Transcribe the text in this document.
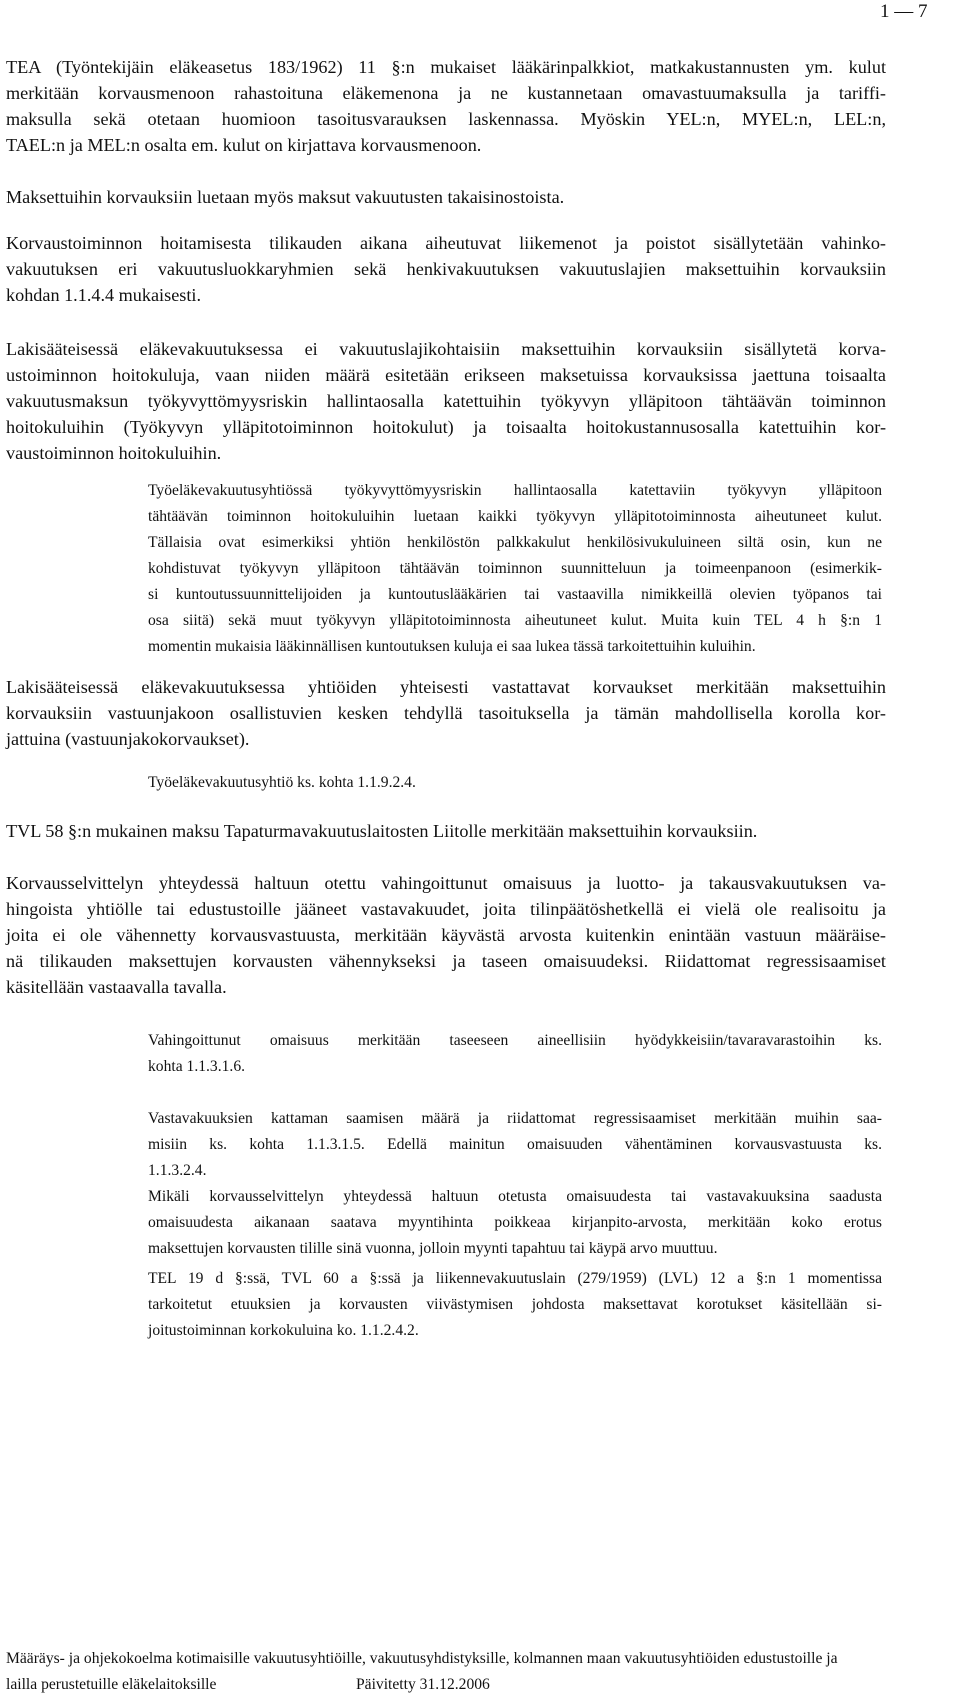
1 — 7
TEA (Työntekijäin eläkeasetus 183/1962) 11 §:n mukaiset lääkärinpalkkiot, matkakustannusten ym. kulut
merkitään korvausmenoon rahastoituna eläkemenona ja ne kustannetaan omavastuumaksulla ja tariffi-
maksulla sekä otetaan huomioon tasoitusvarauksen laskennassa. Myöskin YEL:n, MYEL:n, LEL:n,
TAEL:n ja MEL:n osalta em. kulut on kirjattava korvausmenoon.
Maksettuihin korvauksiin luetaan myös maksut vakuutusten takaisinostoista.
Korvaustoiminnon hoitamisesta tilikauden aikana aiheutuvat liikemenot ja poistot sisällytetään vahinko-
vakuutuksen eri vakuutusluokkaryhmien sekä henkivakuutuksen vakuutuslajien maksettuihin korvauksiin
kohdan 1.1.4.4 mukaisesti.
Lakisääteisessä eläkevakuutuksessa ei vakuutuslajikohtaisiin maksettuihin korvauksiin sisällytetä korva-
ustoiminnon hoitokuluja, vaan niiden määrä esitetään erikseen maksetuissa korvauksissa jaettuna toisaalta
vakuutusmaksun työkyvyttömyysriskin hallintaosalla katettuihin työkyvyn ylläpitoon tähtäävän toiminnon
hoitokuluihin (Työkyvyn ylläpitotoiminnon hoitokulut) ja toisaalta hoitokustannusosalla katettuihin kor-
vaustoiminnon hoitokuluihin.
Työeläkevakuutusyhtiössä työkyvyttömyysriskin hallintaosalla katettaviin työkyvyn ylläpitoon
tähtäävän toiminnon hoitokuluihin luetaan kaikki työkyvyn ylläpitotoiminnosta aiheutuneet kulut.
Tällaisia ovat esimerkiksi yhtiön henkilöstön palkkakulut henkilösivukuluineen siltä osin, kun ne
kohdistuvat työkyvyn ylläpitoon tähtäävän toiminnon suunnitteluun ja toimeenpanoon (esimerkik-
si kuntoutussuunnittelijoiden ja kuntoutuslääkärien tai vastaavilla nimikkeillä olevien työpanos tai
osa siitä) sekä muut työkyvyn ylläpitotoiminnosta aiheutuneet kulut. Muita kuin TEL 4 h §:n 1
momentin mukaisia lääkinnällisen kuntoutuksen kuluja ei saa lukea tässä tarkoitettuihin kuluihin.
Lakisääteisessä eläkevakuutuksessa yhtiöiden yhteisesti vastattavat korvaukset merkitään maksettuihin
korvauksiin vastuunjakoon osallistuvien kesken tehdyllä tasoituksella ja tämän mahdollisella korolla kor-
jattuina (vastuunjakokorvaukset).
Työeläkevakuutusyhtiö ks. kohta 1.1.9.2.4.
TVL 58 §:n mukainen maksu Tapaturmavakuutuslaitosten Liitolle merkitään maksettuihin korvauksiin.
Korvausselvittelyn yhteydessä haltuun otettu vahingoittunut omaisuus ja luotto- ja takausvakuutuksen va-
hingoista yhtiölle tai edustustoille jääneet vastavakuudet, joita tilinpäätöshetkellä ei vielä ole realisoitu ja
joita ei ole vähennetty korvausvastuusta, merkitään käyvästä arvosta kuitenkin enintään vastuun määräise-
nä tilikauden maksettujen korvausten vähennykseksi ja taseen omaisuudeksi. Riidattomat regressisaamiset
käsitellään vastaavalla tavalla.
Vahingoittunut omaisuus merkitään taseeseen aineellisiin hyödykkeisiin/tavaravarastoihin ks.
kohta 1.1.3.1.6.
Vastavakuuksien kattaman saamisen määrä ja riidattomat regressisaamiset merkitään muihin saa-
misiin ks. kohta 1.1.3.1.5. Edellä mainitun omaisuuden vähentäminen korvausvastuusta ks.
1.1.3.2.4.
Mikäli korvausselvittelyn yhteydessä haltuun otetusta omaisuudesta tai vastavakuuksina saadusta
omaisuudesta aikanaan saatava myyntihinta poikkeaa kirjanpito-arvosta, merkitään koko erotus
maksettujen korvausten tilille sinä vuonna, jolloin myynti tapahtuu tai käypä arvo muuttuu.
TEL 19 d §:ssä, TVL 60 a §:ssä ja liikennevakuutuslain (279/1959) (LVL) 12 a §:n 1 momentissa
tarkoitetut etuuksien ja korvausten viivästymisen johdosta maksettavat korotukset käsitellään si-
joitustoiminnan korkokuluina ko. 1.1.2.4.2.
Määräys- ja ohjekokoelma kotimaisille vakuutusyhtiöille, vakuutusyhdistyksille, kolmannen maan vakuutusyhtiöiden edustustoille ja
lailla perustetuille eläkelaitoksille	Päivitetty 31.12.2006
